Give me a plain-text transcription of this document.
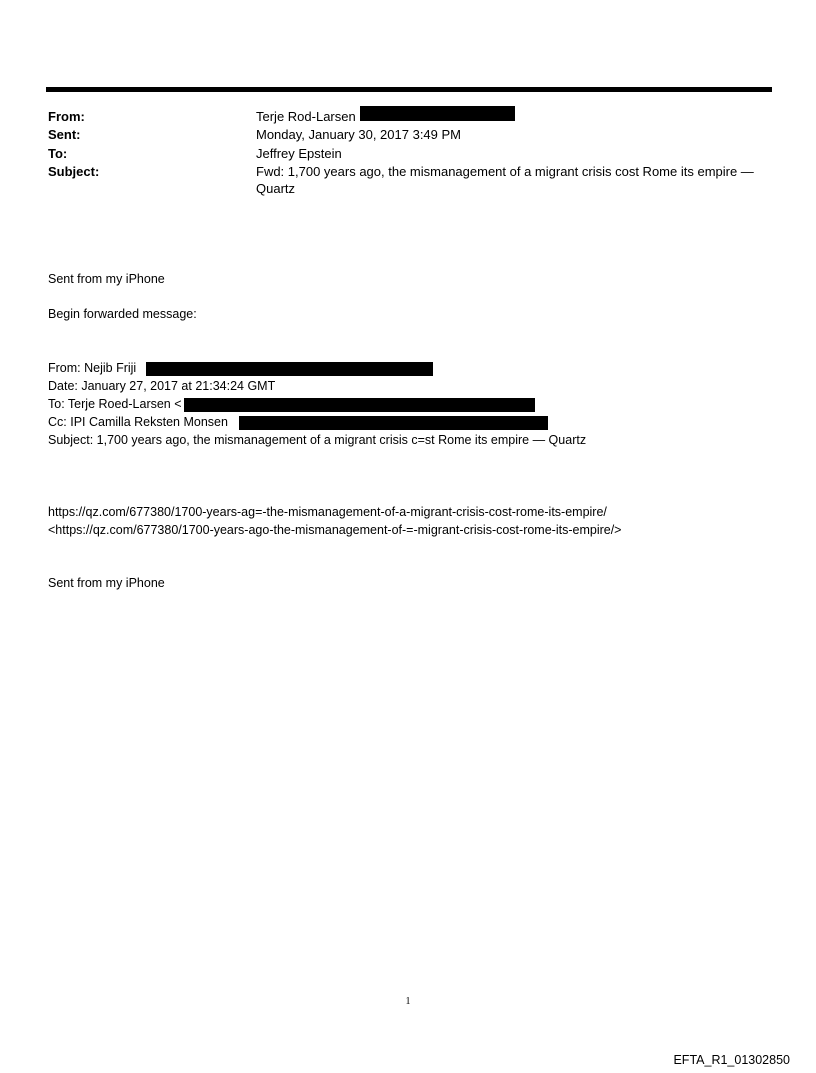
From:	Terje Rod-Larsen
Sent:	Monday, January 30, 2017 3:49 PM
To:	Jeffrey Epstein
Subject:	Fwd: 1,700 years ago, the mismanagement of a migrant crisis cost Rome its empire — Quartz
Sent from my iPhone
Begin forwarded message:
From: Nejib Friji
Date: January 27, 2017 at 21:34:24 GMT
To: Terje Roed-Larsen <
Cc: IPI Camilla Reksten Monsen
Subject: 1,700 years ago, the mismanagement of a migrant crisis c=st Rome its empire — Quartz
https://qz.com/677380/1700-years-ag=-the-mismanagement-of-a-migrant-crisis-cost-rome-its-empire/
<https://qz.com/677380/1700-years-ago-the-mismanagement-of-=-migrant-crisis-cost-rome-its-empire/>
Sent from my iPhone
1
EFTA_R1_01302850
